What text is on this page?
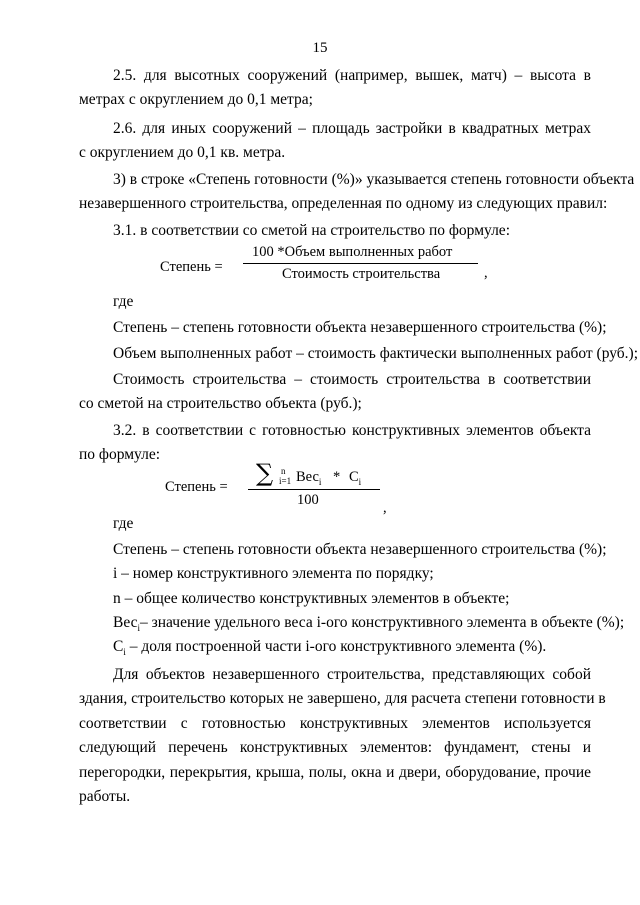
15
2.5. для высотных сооружений (например, вышек, матч) – высота в
метрах с округлением до 0,1 метра;
2.6. для иных сооружений – площадь застройки в квадратных метрах
с округлением до 0,1 кв. метра.
3) в строке «Степень готовности (%)» указывается степень готовности объекта
незавершенного строительства, определенная по одному из следующих правил:
3.1. в соответствии со сметой на строительство по формуле:
Степень =
100 *Объем выполненных работ
Стоимость строительства	,
где
Степень – степень готовности объекта незавершенного строительства (%);
Объем выполненных работ – стоимость фактически выполненных работ (руб.);
Стоимость строительства – стоимость строительства в соответствии
со сметой на строительство объекта (руб.);
3.2. в соответствии с готовностью конструктивных элементов объекта
по формуле:
Степень = ∑ n
i=1 $Вес_i * C_i$
100	,
где
Степень – степень готовности объекта незавершенного строительства (%);
i – номер конструктивного элемента по порядку;
n – общее количество конструктивных элементов в объекте;
Вес$_i$– значение удельного веса i-ого конструктивного элемента в объекте (%);
$C_i$ – доля построенной части i-ого конструктивного элемента (%).
Для объектов незавершенного строительства, представляющих собой
здания, строительство которых не завершено, для расчета степени готовности в
соответствии с готовностью конструктивных элементов используется
следующий перечень конструктивных элементов: фундамент, стены и
перегородки, перекрытия, крыша, полы, окна и двери, оборудование, прочие
работы.
